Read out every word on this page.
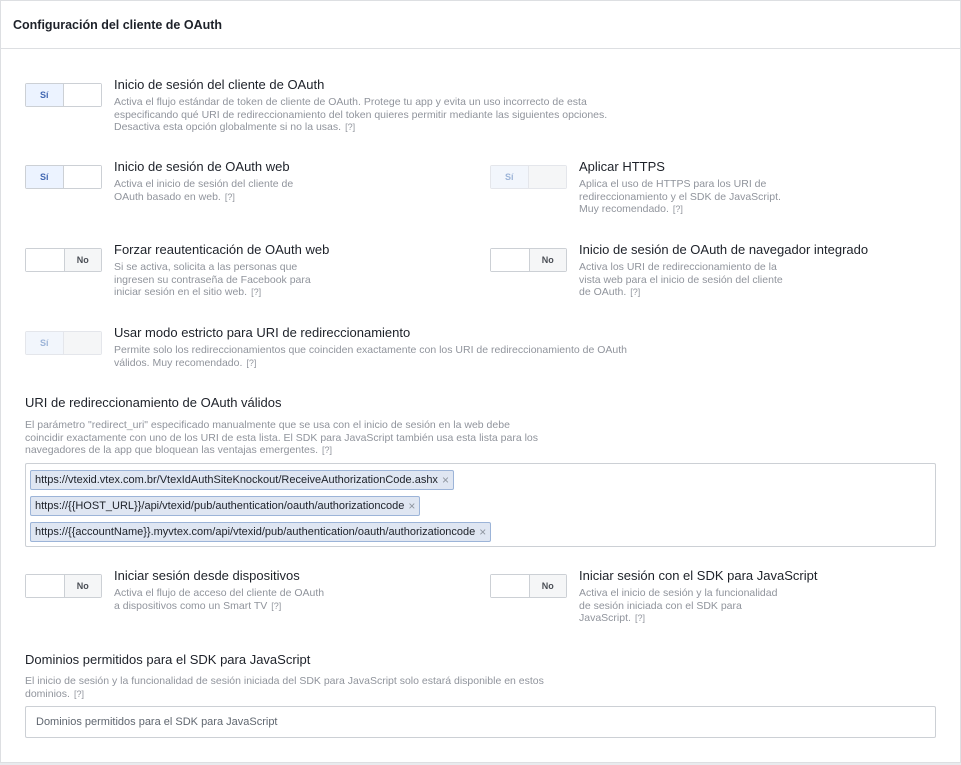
Configuración del cliente de OAuth
Sí
Inicio de sesión del cliente de OAuth
Activa el flujo estándar de token de cliente de OAuth. Protege tu app y evita un uso incorrecto de esta
especificando qué URI de redireccionamiento del token quieres permitir mediante las siguientes opciones.
Desactiva esta opción globalmente si no la usas. [?]
Sí
Inicio de sesión de OAuth web
Activa el inicio de sesión del cliente de
OAuth basado en web. [?]
Sí
Aplicar HTTPS
Aplica el uso de HTTPS para los URI de
redireccionamiento y el SDK de JavaScript.
Muy recomendado. [?]
No
Forzar reautenticación de OAuth web
Si se activa, solicita a las personas que
ingresen su contraseña de Facebook para
iniciar sesión en el sitio web. [?]
No
Inicio de sesión de OAuth de navegador integrado
Activa los URI de redireccionamiento de la
vista web para el inicio de sesión del cliente
de OAuth. [?]
Sí
Usar modo estricto para URI de redireccionamiento
Permite solo los redireccionamientos que coinciden exactamente con los URI de redireccionamiento de OAuth
válidos. Muy recomendado. [?]
URI de redireccionamiento de OAuth válidos
El parámetro "redirect_uri" especificado manualmente que se usa con el inicio de sesión en la web debe
coincidir exactamente con uno de los URI de esta lista. El SDK para JavaScript también usa esta lista para los
navegadores de la app que bloquean las ventajas emergentes. [?]
https://vtexid.vtex.com.br/VtexIdAuthSiteKnockout/ReceiveAuthorizationCode.ashx ×
https://{{HOST_URL}}/api/vtexid/pub/authentication/oauth/authorizationcode ×
https://{{accountName}}.myvtex.com/api/vtexid/pub/authentication/oauth/authorizationcode ×
No
Iniciar sesión desde dispositivos
Activa el flujo de acceso del cliente de OAuth
a dispositivos como un Smart TV [?]
No
Iniciar sesión con el SDK para JavaScript
Activa el inicio de sesión y la funcionalidad
de sesión iniciada con el SDK para
JavaScript. [?]
Dominios permitidos para el SDK para JavaScript
El inicio de sesión y la funcionalidad de sesión iniciada del SDK para JavaScript solo estará disponible en estos
dominios. [?]
Dominios permitidos para el SDK para JavaScript
